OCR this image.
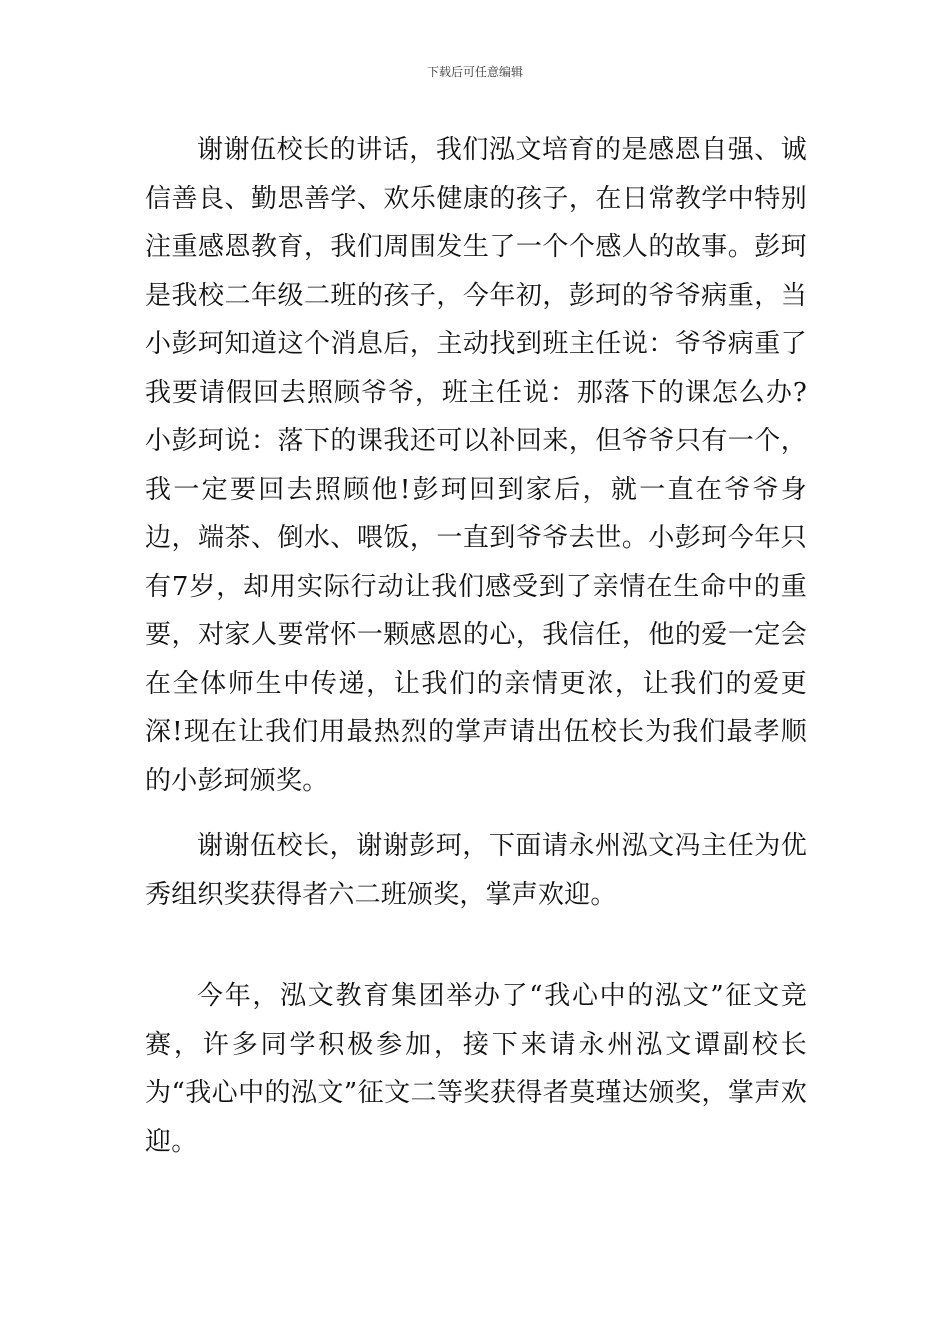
下载后可任意编辑

谢谢伍校长的讲话，我们泓文培育的是感恩自强、诚信善良、勤思善学、欢乐健康的孩子，在日常教学中特别注重感恩教育，我们周围发生了一个个感人的故事。彭珂是我校二年级二班的孩子，今年初，彭珂的爷爷病重，当小彭珂知道这个消息后，主动找到班主任说：爷爷病重了我要请假回去照顾爷爷，班主任说：那落下的课怎么办?小彭珂说：落下的课我还可以补回来，但爷爷只有一个，我一定要回去照顾他!彭珂回到家后，就一直在爷爷身边，端茶、倒水、喂饭，一直到爷爷去世。小彭珂今年只有7岁，却用实际行动让我们感受到了亲情在生命中的重要，对家人要常怀一颗感恩的心，我信任，他的爱一定会在全体师生中传递，让我们的亲情更浓，让我们的爱更深!现在让我们用最热烈的掌声请出伍校长为我们最孝顺的小彭珂颁奖。

谢谢伍校长，谢谢彭珂，下面请永州泓文冯主任为优秀组织奖获得者六二班颁奖，掌声欢迎。

今年，泓文教育集团举办了“我心中的泓文”征文竞赛，许多同学积极参加，接下来请永州泓文谭副校长为“我心中的泓文”征文二等奖获得者莫瑾达颁奖，掌声欢迎。
